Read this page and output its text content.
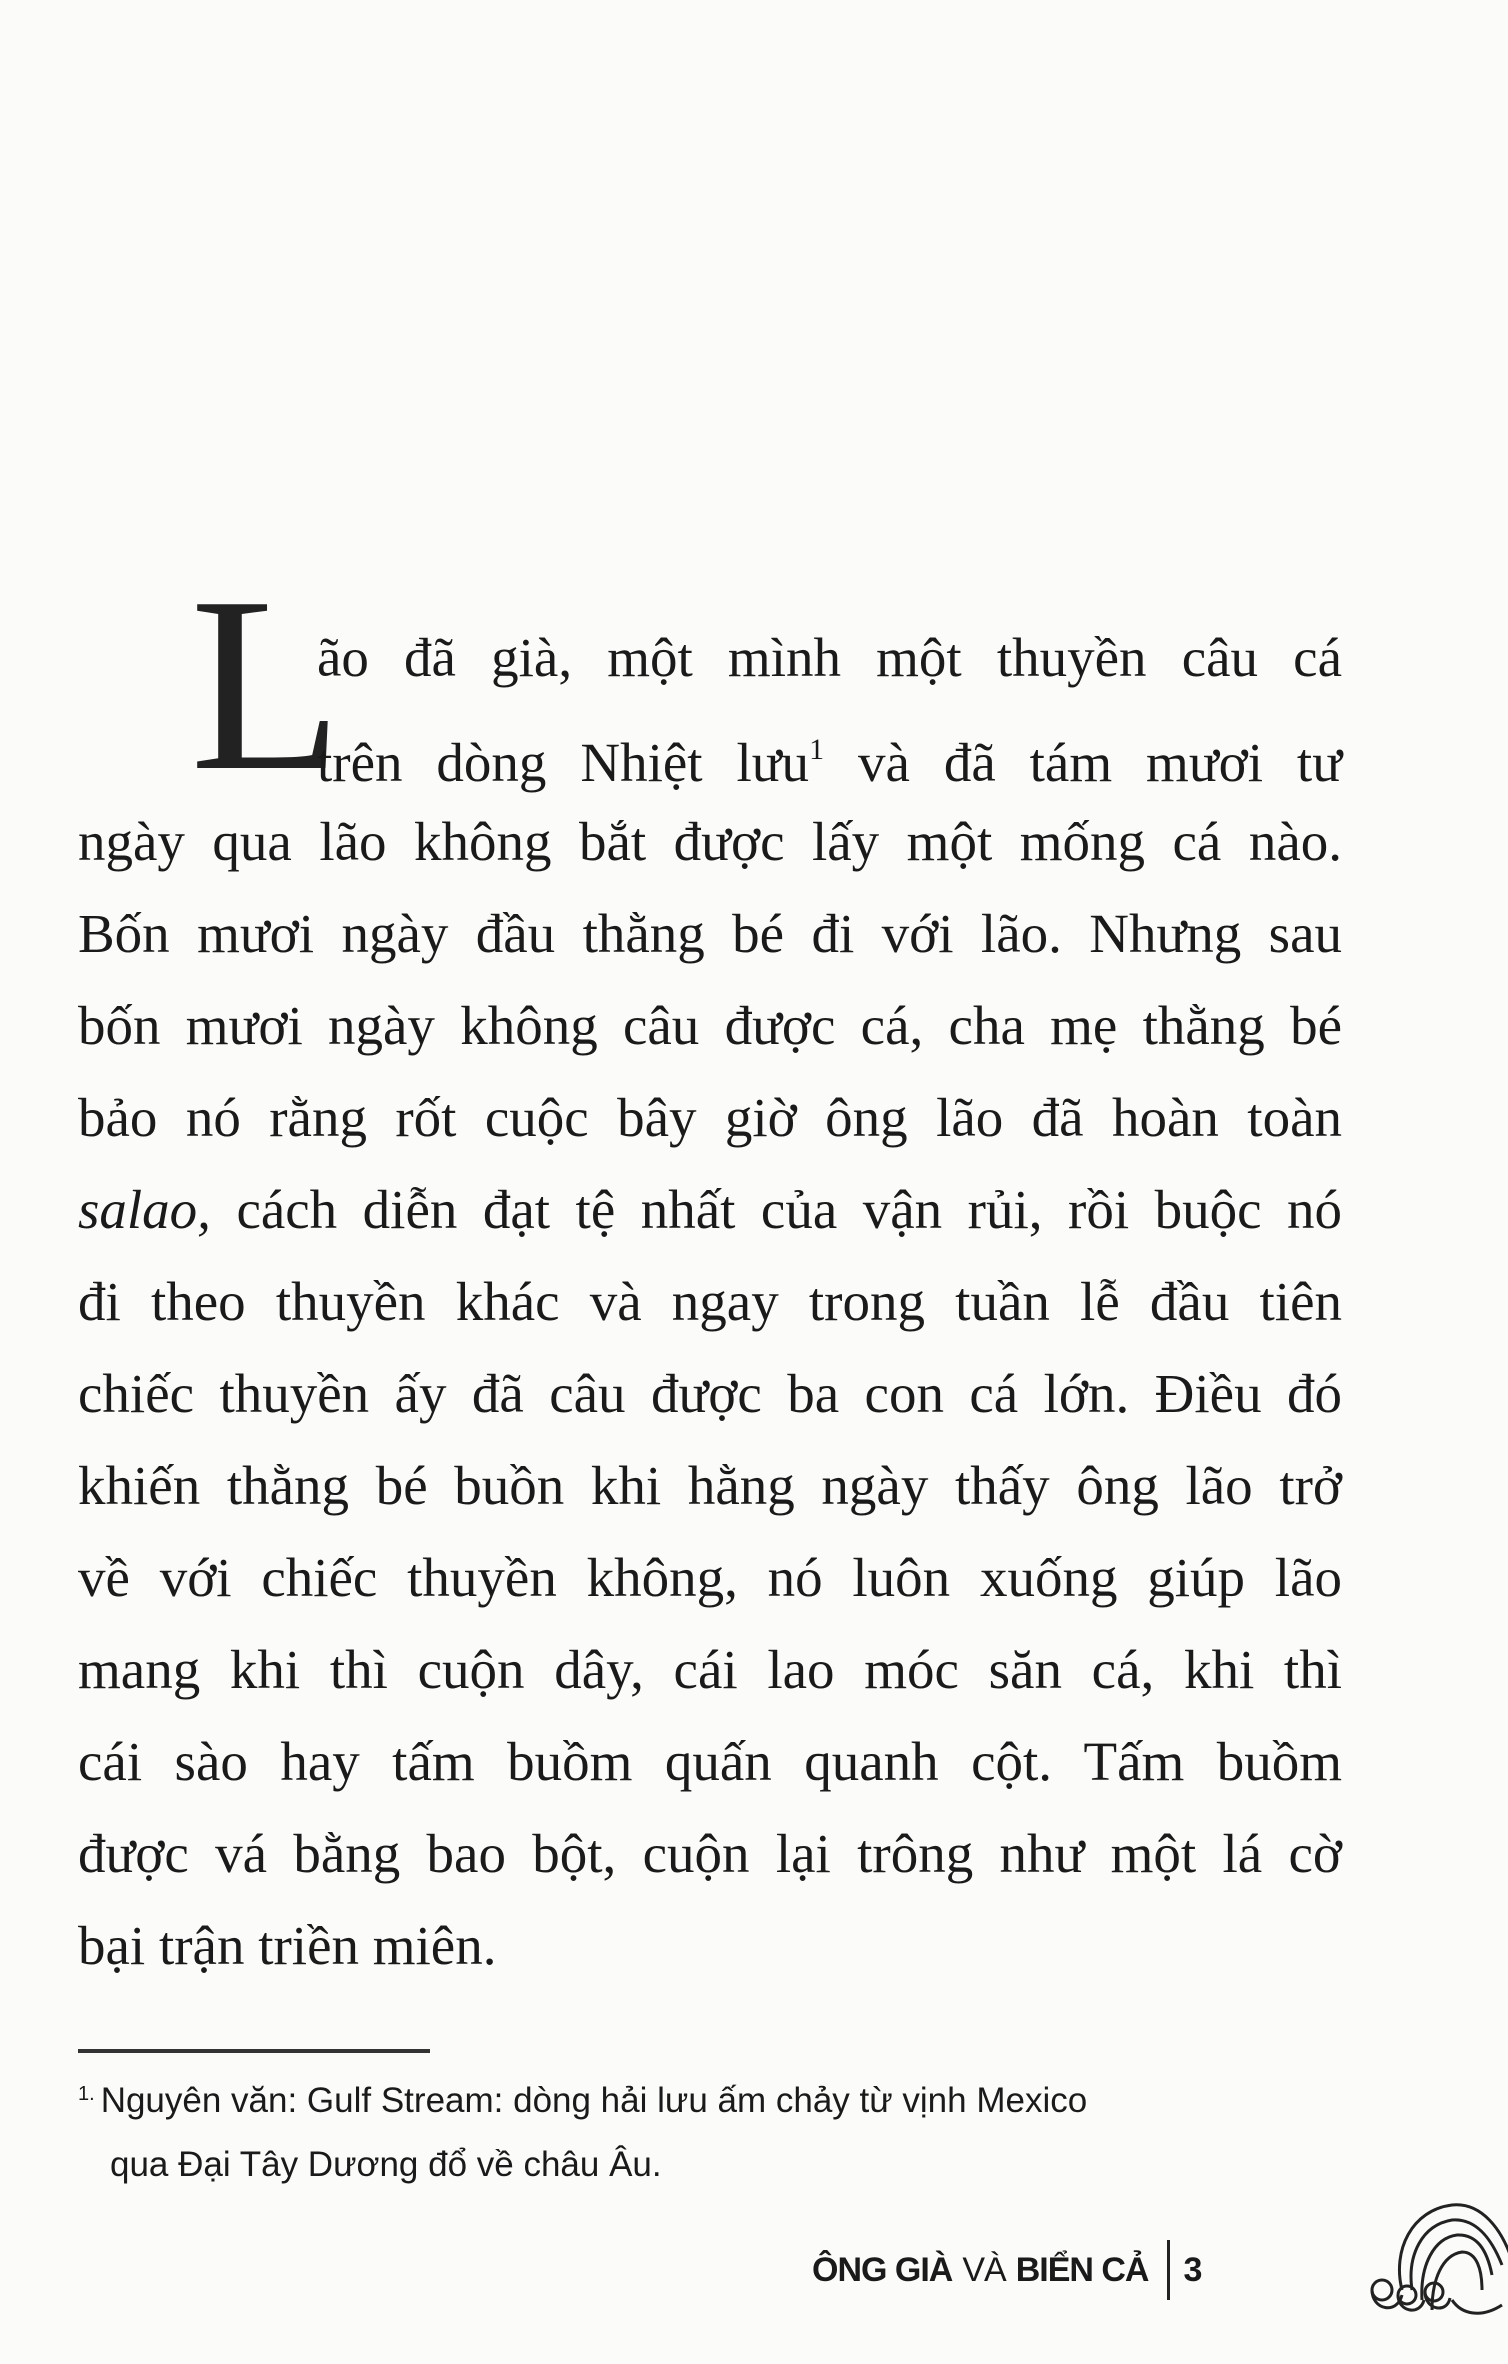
L
ão đã già, một mình một thuyền câu cá
trên dòng Nhiệt lưu$^1$ và đã tám mươi tư
ngày qua lão không bắt được lấy một mống cá nào.
Bốn mươi ngày đầu thằng bé đi với lão. Nhưng sau
bốn mươi ngày không câu được cá, cha mẹ thằng bé
bảo nó rằng rốt cuộc bây giờ ông lão đã hoàn toàn
salao, cách diễn đạt tệ nhất của vận rủi, rồi buộc nó
đi theo thuyền khác và ngay trong tuần lễ đầu tiên
chiếc thuyền ấy đã câu được ba con cá lớn. Điều đó
khiến thằng bé buồn khi hằng ngày thấy ông lão trở
về với chiếc thuyền không, nó luôn xuống giúp lão
mang khi thì cuộn dây, cái lao móc săn cá, khi thì
cái sào hay tấm buồm quấn quanh cột. Tấm buồm
được vá bằng bao bột, cuộn lại trông như một lá cờ
bại trận triền miên.
$^{1.}$ Nguyên văn: Gulf Stream: dòng hải lưu ấm chảy từ vịnh Mexico
qua Đại Tây Dương đổ về châu Âu.
ÔNG GIÀ VÀ BIỂN CẢ 3
